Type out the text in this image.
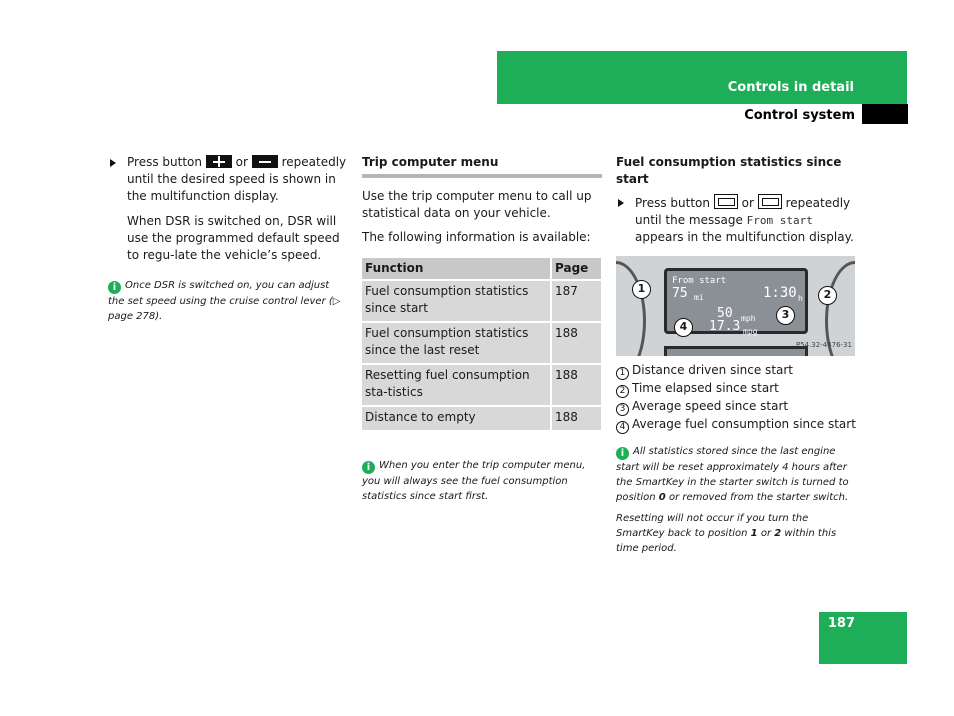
Controls in detail
Control system
Press button	or	repeatedly until the desired speed is shown in the multifunction display.
When DSR is switched on, DSR will use the programmed default speed to regu-late the vehicle’s speed.
i Once DSR is switched on, you can adjust the set speed using the cruise control lever (▷ page 278).
Trip computer menu
Use the trip computer menu to call up statistical data on your vehicle.
The following information is available:
Function	Page
Fuel consumption statistics since start	187
Fuel consumption statistics since the last reset	188
Resetting fuel consumption sta-tistics	188
Distance to empty	188
i When you enter the trip computer menu, you will always see the fuel consumption statistics since start first.
Fuel consumption statistics since start
Press button	or	repeatedly until the message From start appears in the multifunction display.
From start
75 mi	1:30 h
50 mph
17.3 mpg
1	2
3
4
P54.32-4476-31
1 Distance driven since start
2 Time elapsed since start
3 Average speed since start
4 Average fuel consumption since start
i All statistics stored since the last engine start will be reset approximately 4 hours after the SmartKey in the starter switch is turned to position 0 or removed from the starter switch.
Resetting will not occur if you turn the SmartKey back to position 1 or 2 within this time period.
187
